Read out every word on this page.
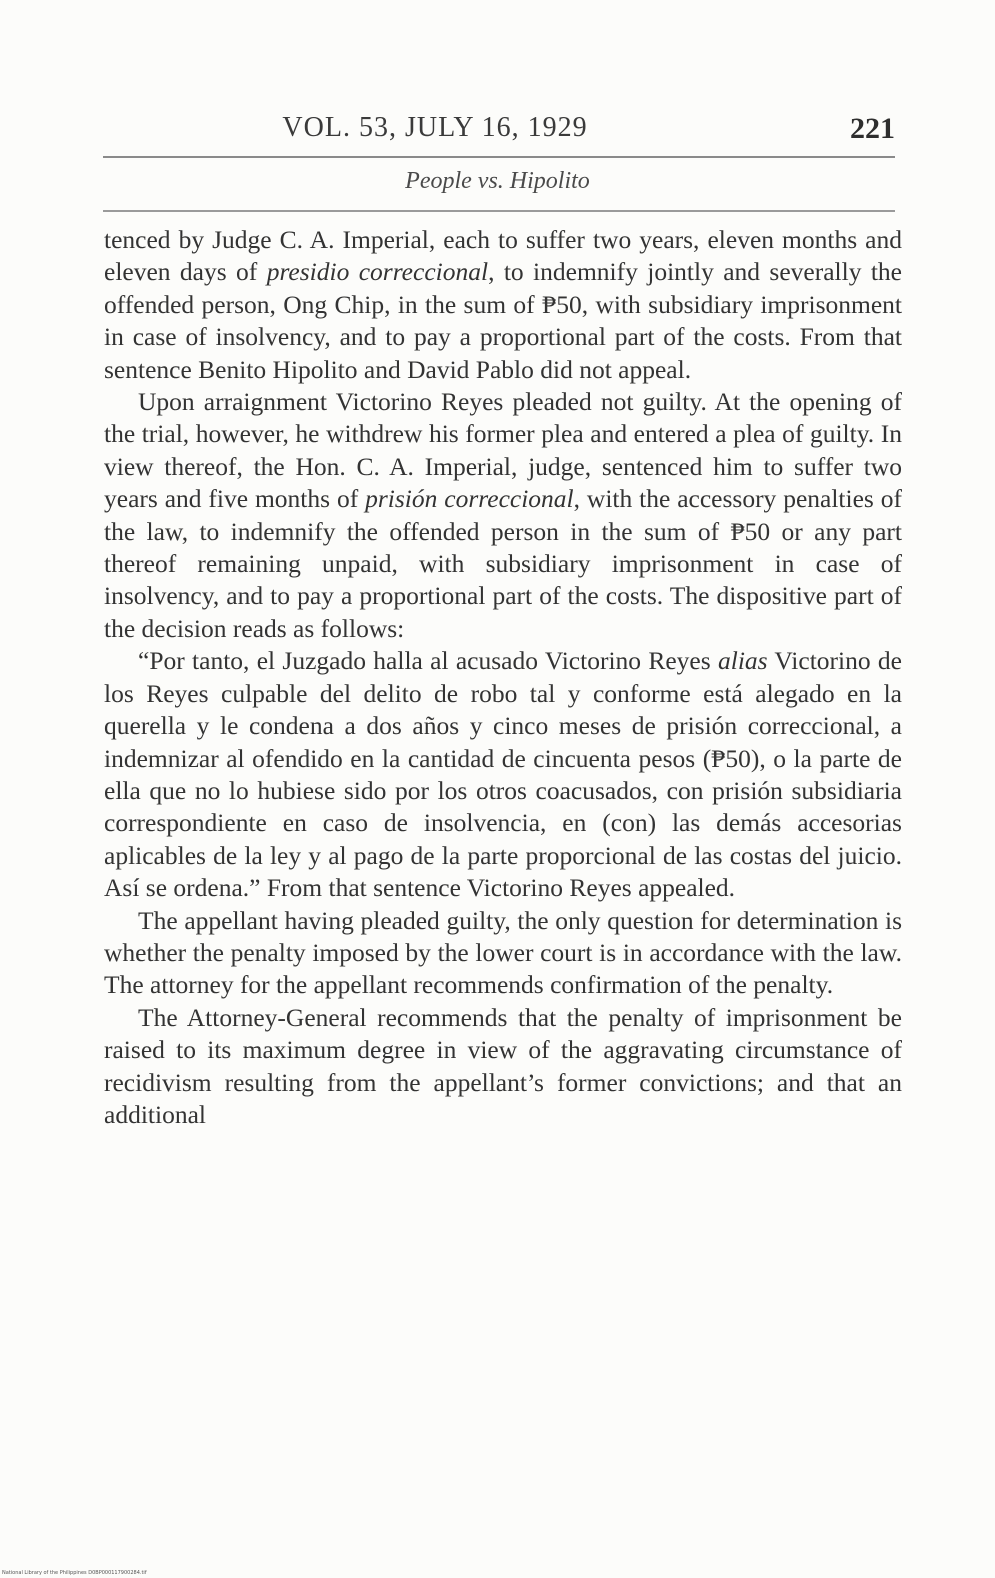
VOL. 53, JULY 16, 1929	221
People vs. Hipolito

tenced by Judge C. A. Imperial, each to suffer two years, eleven months and eleven days of presidio correccional, to indemnify jointly and severally the offended person, Ong Chip, in the sum of ₱50, with subsidiary imprisonment in case of insolvency, and to pay a proportional part of the costs. From that sentence Benito Hipolito and David Pablo did not appeal.

Upon arraignment Victorino Reyes pleaded not guilty. At the opening of the trial, however, he withdrew his former plea and entered a plea of guilty. In view thereof, the Hon. C. A. Imperial, judge, sentenced him to suffer two years and five months of prisión correccional, with the accessory penalties of the law, to indemnify the offended person in the sum of ₱50 or any part thereof remaining unpaid, with subsidiary imprisonment in case of insolvency, and to pay a proportional part of the costs. The dispositive part of the decision reads as follows:

“Por tanto, el Juzgado halla al acusado Victorino Reyes alias Victorino de los Reyes culpable del delito de robo tal y conforme está alegado en la querella y le condena a dos años y cinco meses de prisión correccional, a indemnizar al ofendido en la cantidad de cincuenta pesos (₱50), o la parte de ella que no lo hubiese sido por los otros coacusados, con prisión subsidiaria correspondiente en caso de insolvencia, en (con) las demás accesorias aplicables de la ley y al pago de la parte proporcional de las costas del juicio. Así se ordena.” From that sentence Victorino Reyes appealed.

The appellant having pleaded guilty, the only question for determination is whether the penalty imposed by the lower court is in accordance with the law. The attorney for the appellant recommends confirmation of the penalty.

The Attorney-General recommends that the penalty of imprisonment be raised to its maximum degree in view of the aggravating circumstance of recidivism resulting from the appellant’s former convictions; and that an additional

National Library of the Philippines D0BP000117900284.tif
